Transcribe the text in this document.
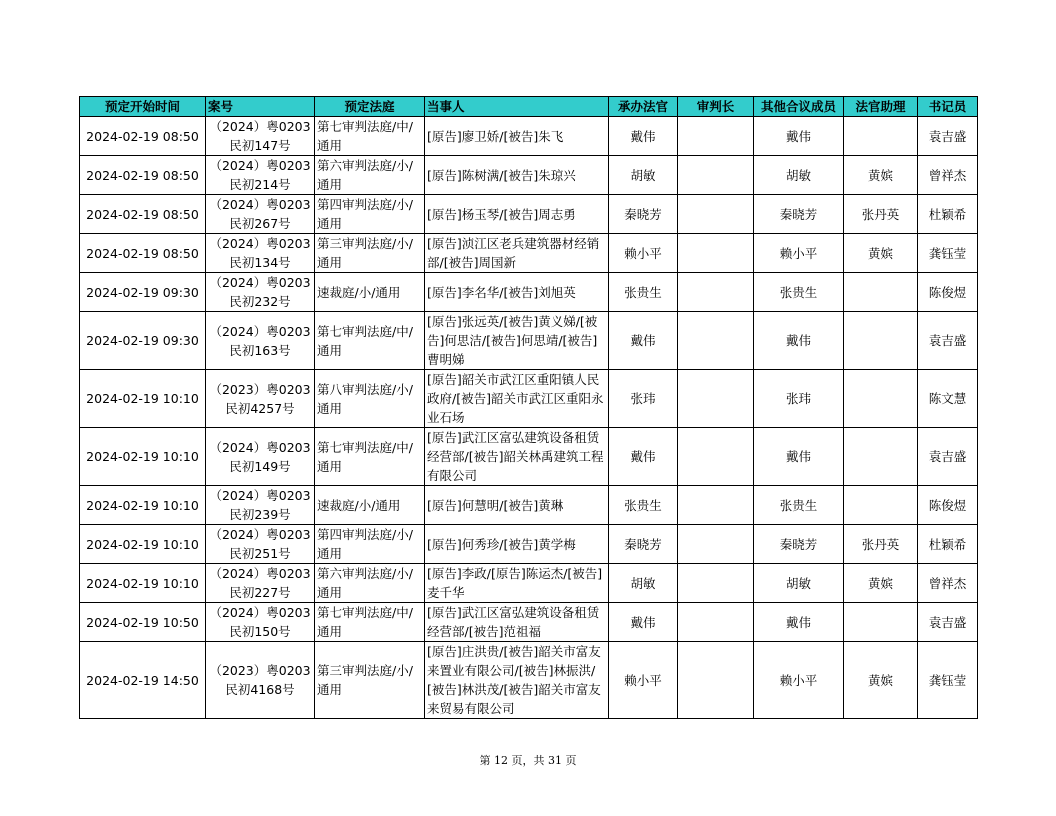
预定开始时间	案号	预定法庭	当事人	承办法官	审判长	其他合议成员	法官助理	书记员
2024-02-19 08:50	（2024）粤0203民初147号	第七审判法庭/中/通用	[原告]廖卫娇/[被告]朱飞	戴伟		戴伟		袁吉盛
2024-02-19 08:50	（2024）粤0203民初214号	第六审判法庭/小/通用	[原告]陈树满/[被告]朱琼兴	胡敏		胡敏	黄嫔	曾祥杰
2024-02-19 08:50	（2024）粤0203民初267号	第四审判法庭/小/通用	[原告]杨玉琴/[被告]周志勇	秦晓芳		秦晓芳	张丹英	杜颖希
2024-02-19 08:50	（2024）粤0203民初134号	第三审判法庭/小/通用	[原告]浈江区老兵建筑器材经销部/[被告]周国新	赖小平		赖小平	黄嫔	龚钰莹
2024-02-19 09:30	（2024）粤0203民初232号	速裁庭/小/通用	[原告]李名华/[被告]刘旭英	张贵生		张贵生		陈俊煜
2024-02-19 09:30	（2024）粤0203民初163号	第七审判法庭/中/通用	[原告]张远英/[被告]黄义娣/[被告]何思洁/[被告]何思靖/[被告]曹明娣	戴伟		戴伟		袁吉盛
2024-02-19 10:10	（2023）粤0203民初4257号	第八审判法庭/小/通用	[原告]韶关市武江区重阳镇人民政府/[被告]韶关市武江区重阳永业石场	张玮		张玮		陈文慧
2024-02-19 10:10	（2024）粤0203民初149号	第七审判法庭/中/通用	[原告]武江区富弘建筑设备租赁经营部/[被告]韶关林禹建筑工程有限公司	戴伟		戴伟		袁吉盛
2024-02-19 10:10	（2024）粤0203民初239号	速裁庭/小/通用	[原告]何慧明/[被告]黄琳	张贵生		张贵生		陈俊煜
2024-02-19 10:10	（2024）粤0203民初251号	第四审判法庭/小/通用	[原告]何秀珍/[被告]黄学梅	秦晓芳		秦晓芳	张丹英	杜颖希
2024-02-19 10:10	（2024）粤0203民初227号	第六审判法庭/小/通用	[原告]李政/[原告]陈运杰/[被告]麦千华	胡敏		胡敏	黄嫔	曾祥杰
2024-02-19 10:50	（2024）粤0203民初150号	第七审判法庭/中/通用	[原告]武江区富弘建筑设备租赁经营部/[被告]范祖福	戴伟		戴伟		袁吉盛
2024-02-19 14:50	（2023）粤0203民初4168号	第三审判法庭/小/通用	[原告]庄洪贵/[被告]韶关市富友来置业有限公司/[被告]林振洪/[被告]林洪茂/[被告]韶关市富友来贸易有限公司	赖小平		赖小平	黄嫔	龚钰莹
第 12 页，共 31 页
